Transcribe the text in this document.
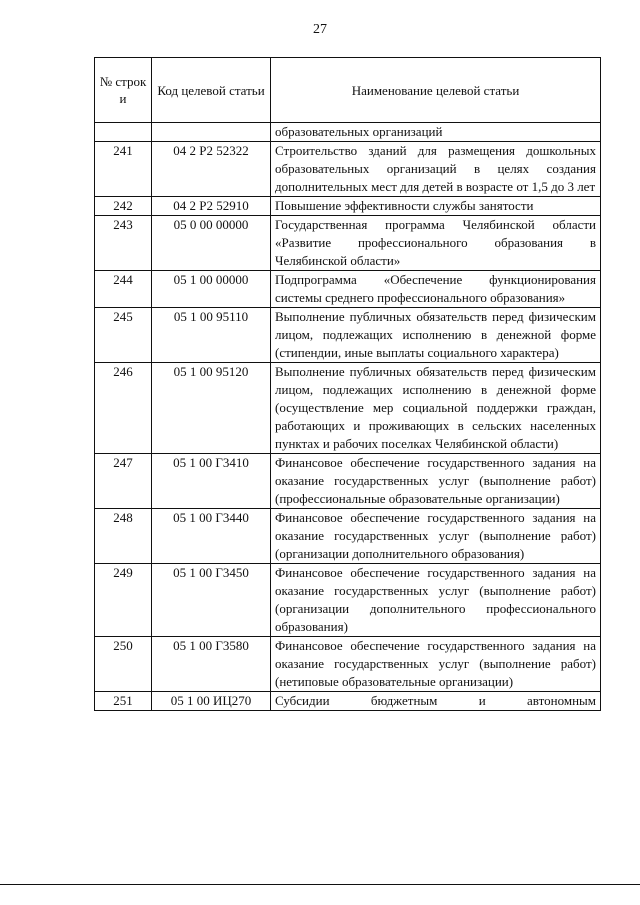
27
№ строк и	Код целевой статьи	Наименование целевой статьи
		образовательных организаций
241	04 2 P2 52322	Строительство зданий для размещения дошкольных образовательных организаций в целях создания дополнительных мест для детей в возрасте от 1,5 до 3 лет
242	04 2 P2 52910	Повышение эффективности службы занятости
243	05 0 00 00000	Государственная программа Челябинской области «Развитие профессионального образования в Челябинской области»
244	05 1 00 00000	Подпрограмма «Обеспечение функционирования системы среднего профессионального образования»
245	05 1 00 95110	Выполнение публичных обязательств перед физическим лицом, подлежащих исполнению в денежной форме (стипендии, иные выплаты социального характера)
246	05 1 00 95120	Выполнение публичных обязательств перед физическим лицом, подлежащих исполнению в денежной форме (осуществление мер социальной поддержки граждан, работающих и проживающих в сельских населенных пунктах и рабочих поселках Челябинской области)
247	05 1 00 Г3410	Финансовое обеспечение государственного задания на оказание государственных услуг (выполнение работ) (профессиональные образовательные организации)
248	05 1 00 Г3440	Финансовое обеспечение государственного задания на оказание государственных услуг (выполнение работ) (организации дополнительного образования)
249	05 1 00 Г3450	Финансовое обеспечение государственного задания на оказание государственных услуг (выполнение работ) (организации дополнительного профессионального образования)
250	05 1 00 Г3580	Финансовое обеспечение государственного задания на оказание государственных услуг (выполнение работ) (нетиповые образовательные организации)
251	05 1 00 ИЦ270	Субсидии бюджетным и автономным
